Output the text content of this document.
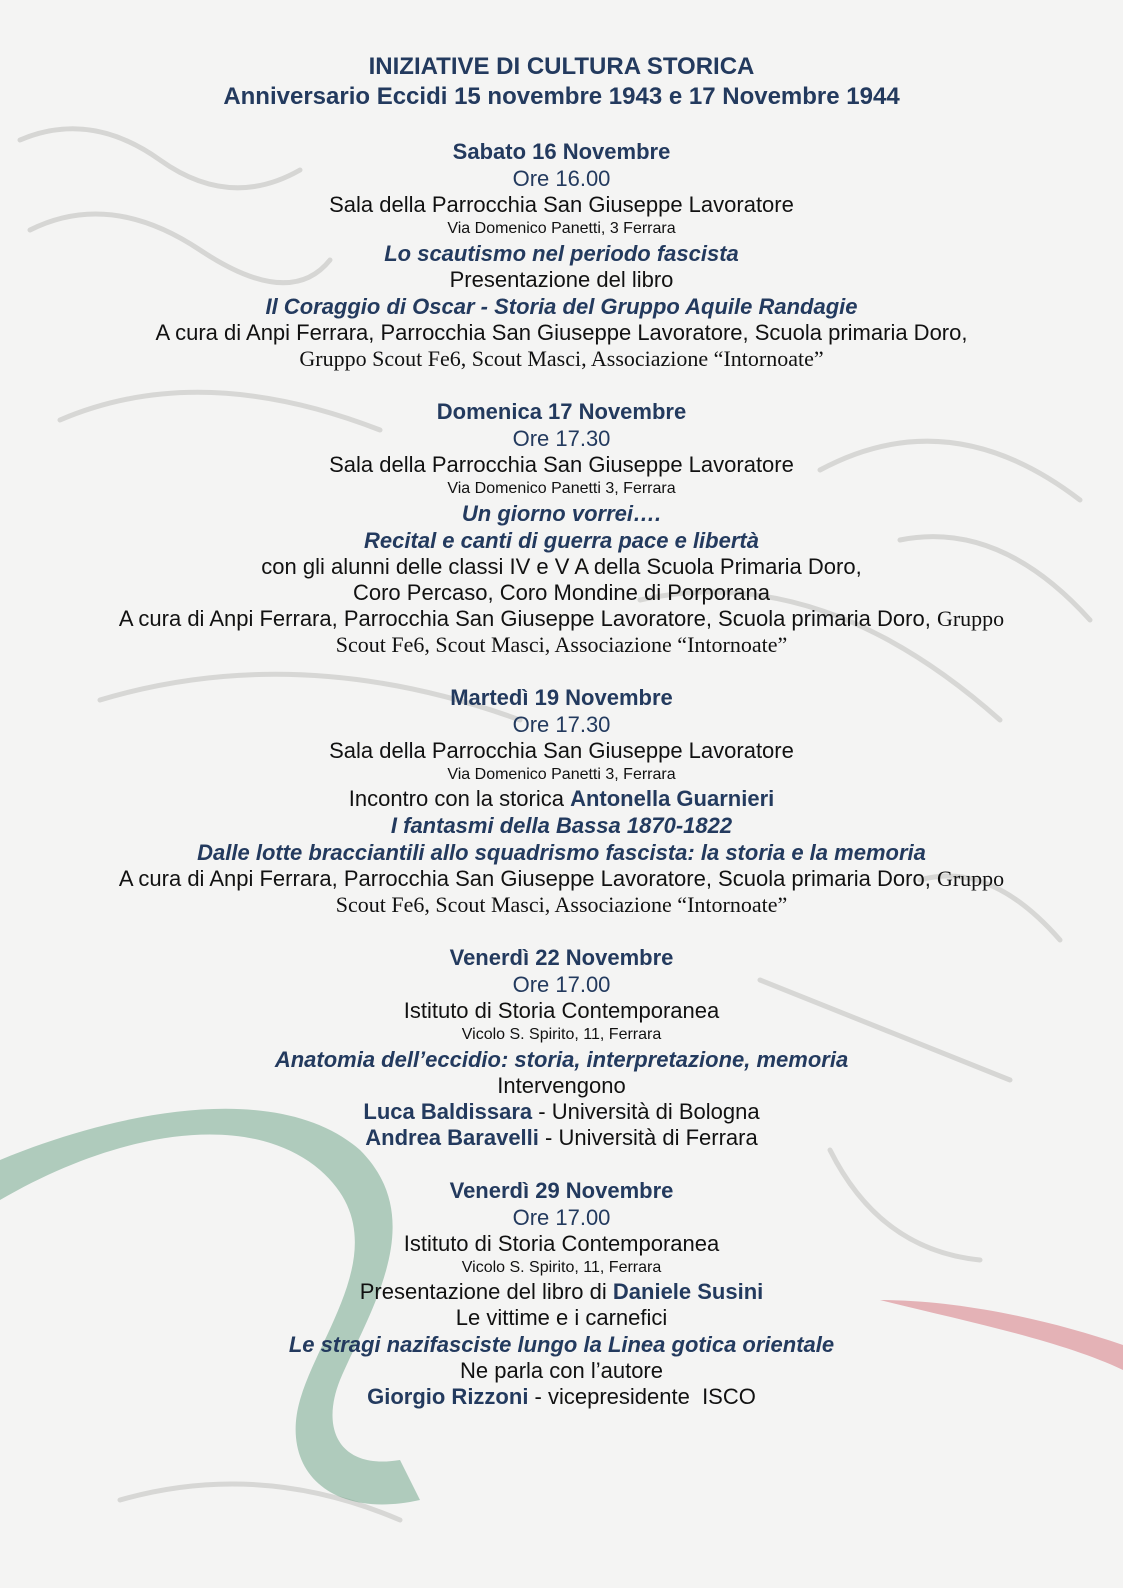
INIZIATIVE DI CULTURA STORICA
Anniversario Eccidi 15 novembre 1943 e 17 Novembre 1944
Sabato 16 Novembre
Ore 16.00
Sala della Parrocchia San Giuseppe Lavoratore
Via Domenico Panetti, 3 Ferrara
Lo scautismo nel periodo fascista
Presentazione del libro
Il Coraggio di Oscar - Storia del Gruppo Aquile Randagie
A cura di Anpi Ferrara, Parrocchia San Giuseppe Lavoratore, Scuola primaria Doro,
Gruppo Scout Fe6, Scout Masci, Associazione “Intornoate”
Domenica 17 Novembre
Ore 17.30
Sala della Parrocchia San Giuseppe Lavoratore
Via Domenico Panetti 3, Ferrara
Un giorno vorrei….
Recital e canti di guerra pace e libertà
con gli alunni delle classi IV e V A della Scuola Primaria Doro,
Coro Percaso, Coro Mondine di Porporana
A cura di Anpi Ferrara, Parrocchia San Giuseppe Lavoratore, Scuola primaria Doro, Gruppo
Scout Fe6, Scout Masci, Associazione “Intornoate”
Martedì 19 Novembre
Ore 17.30
Sala della Parrocchia San Giuseppe Lavoratore
Via Domenico Panetti 3, Ferrara
Incontro con la storica Antonella Guarnieri
I fantasmi della Bassa 1870-1822
Dalle lotte bracciantili allo squadrismo fascista: la storia e la memoria
A cura di Anpi Ferrara, Parrocchia San Giuseppe Lavoratore, Scuola primaria Doro, Gruppo
Scout Fe6, Scout Masci, Associazione “Intornoate”
Venerdì 22 Novembre
Ore 17.00
Istituto di Storia Contemporanea
Vicolo S. Spirito, 11, Ferrara
Anatomia dell’eccidio: storia, interpretazione, memoria
Intervengono
Luca Baldissara - Università di Bologna
Andrea Baravelli - Università di Ferrara
Venerdì 29 Novembre
Ore 17.00
Istituto di Storia Contemporanea
Vicolo S. Spirito, 11, Ferrara
Presentazione del libro di Daniele Susini
Le vittime e i carnefici
Le stragi nazifascistе lungo la Linea gotica orientale
Ne parla con l’autore
Giorgio Rizzoni - vicepresidente  ISCO
